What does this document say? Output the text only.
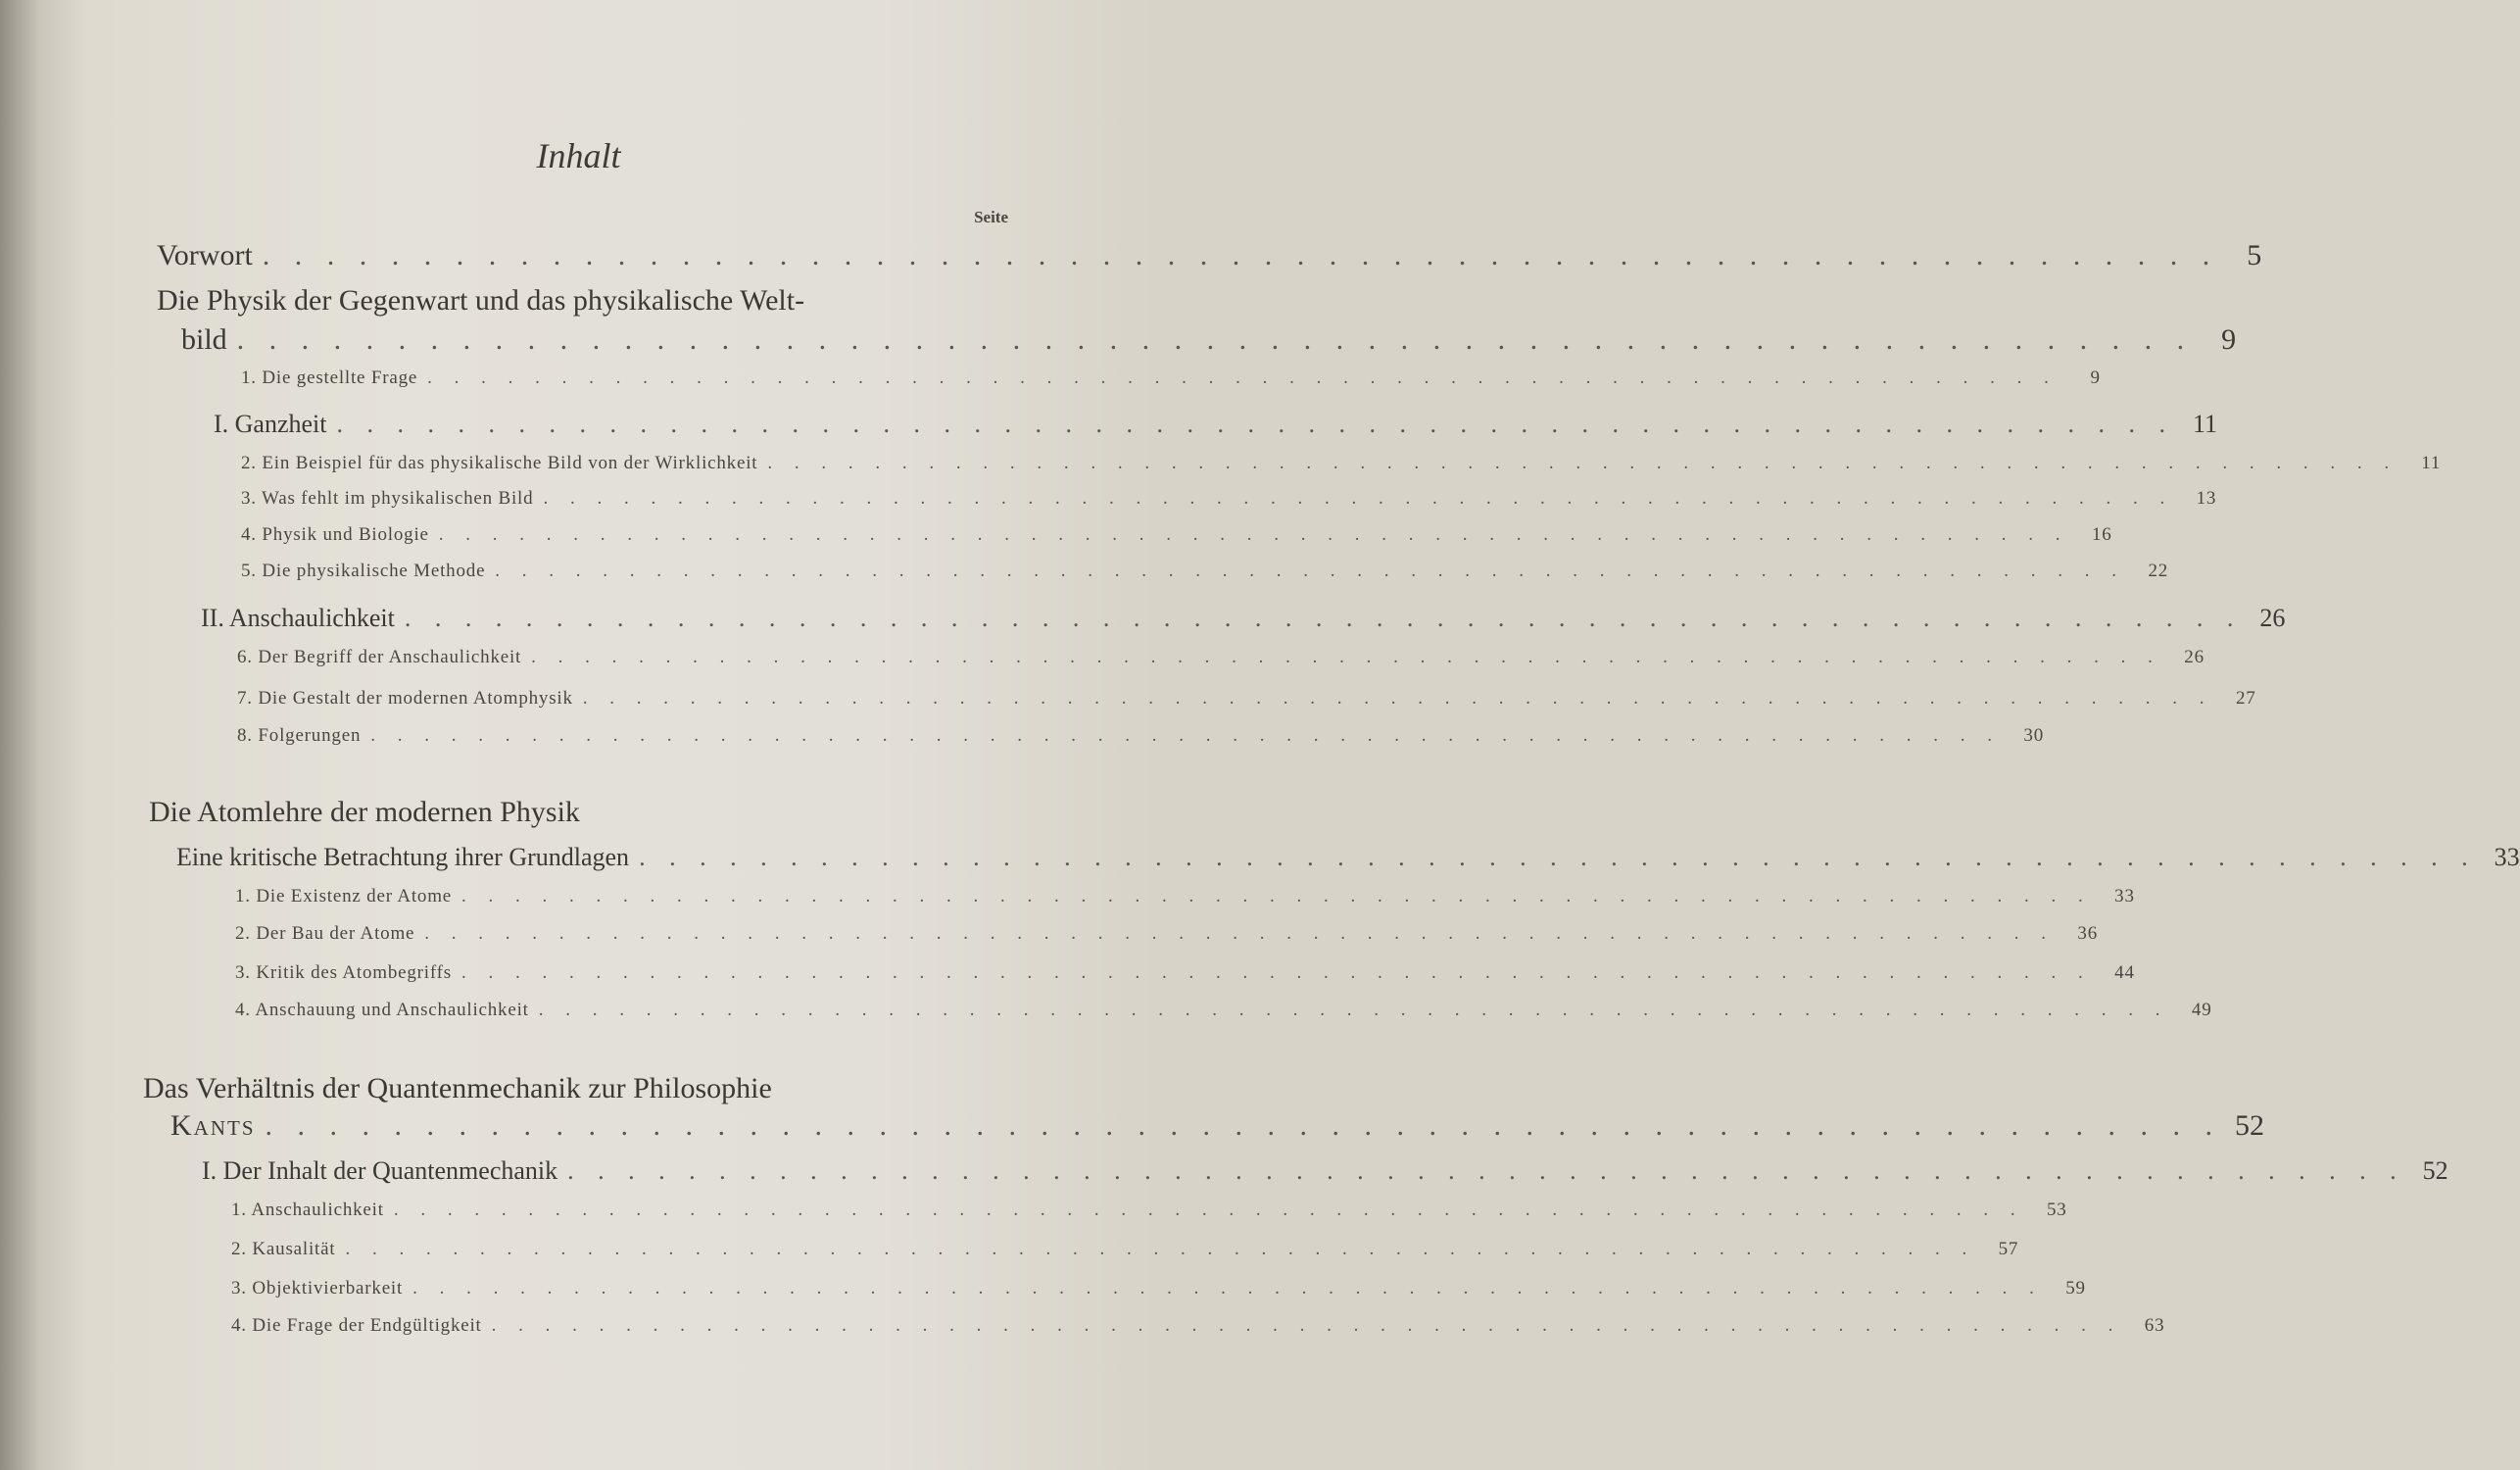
Inhalt
Seite
Vorwort . . . . . . . . . . . . . . . . . . . . . . . . . . . . . . . . . . . . . . . . . . . . . . . . . . . . . . . . . . . . . 5
Die Physik der Gegenwart und das physikalische Welt-
bild . . . . . . . . . . . . . . . . . . . . . . . . . . . . . . . . . . . . . . . . . . . . . . . . . . . . . . . . . . . . . 9
1. Die gestellte Frage . . . . . . . . . . . . . . . . . . . . . . . . . . . . . . . . . . . . . . . . . . . . . . . . . . . . . . . . . . . . .	9
I. Ganzheit . . . . . . . . . . . . . . . . . . . . . . . . . . . . . . . . . . . . . . . . . . . . . . . . . . . . . . . . . . . . . 11
2. Ein Beispiel für das physikalische Bild von der Wirklichkeit . . . . . . . . . . . . . . . . . . . . . . . . . . . . . . . . . . . . . . . . . . . . . . . . . . . . . . . . . . . . .	11
3. Was fehlt im physikalischen Bild . . . . . . . . . . . . . . . . . . . . . . . . . . . . . . . . . . . . . . . . . . . . . . . . . . . . . . . . . . . . .	13
4. Physik und Biologie . . . . . . . . . . . . . . . . . . . . . . . . . . . . . . . . . . . . . . . . . . . . . . . . . . . . . . . . . . . . .	16
5. Die physikalische Methode . . . . . . . . . . . . . . . . . . . . . . . . . . . . . . . . . . . . . . . . . . . . . . . . . . . . . . . . . . . . .	22
II. Anschaulichkeit . . . . . . . . . . . . . . . . . . . . . . . . . . . . . . . . . . . . . . . . . . . . . . . . . . . . . . . . . . . . . 26
6. Der Begriff der Anschaulichkeit . . . . . . . . . . . . . . . . . . . . . . . . . . . . . . . . . . . . . . . . . . . . . . . . . . . . . . . . . . . . .	26
7. Die Gestalt der modernen Atomphysik . . . . . . . . . . . . . . . . . . . . . . . . . . . . . . . . . . . . . . . . . . . . . . . . . . . . . . . . . . . . .	27
8. Folgerungen . . . . . . . . . . . . . . . . . . . . . . . . . . . . . . . . . . . . . . . . . . . . . . . . . . . . . . . . . . . . .	30
Die Atomlehre der modernen Physik
Eine kritische Betrachtung ihrer Grundlagen . . . . . . . . . . . . . . . . . . . . . . . . . . . . . . . . . . . . . . . . . . . . . . . . . . . . . . . . . . . . . 33
1. Die Existenz der Atome . . . . . . . . . . . . . . . . . . . . . . . . . . . . . . . . . . . . . . . . . . . . . . . . . . . . . . . . . . . . .	33
2. Der Bau der Atome . . . . . . . . . . . . . . . . . . . . . . . . . . . . . . . . . . . . . . . . . . . . . . . . . . . . . . . . . . . . .	36
3. Kritik des Atombegriffs . . . . . . . . . . . . . . . . . . . . . . . . . . . . . . . . . . . . . . . . . . . . . . . . . . . . . . . . . . . . .	44
4. Anschauung und Anschaulichkeit . . . . . . . . . . . . . . . . . . . . . . . . . . . . . . . . . . . . . . . . . . . . . . . . . . . . . . . . . . . . .	49
Das Verhältnis der Quantenmechanik zur Philosophie
Kants . . . . . . . . . . . . . . . . . . . . . . . . . . . . . . . . . . . . . . . . . . . . . . . . . . . . . . . . . . . . . 52
I. Der Inhalt der Quantenmechanik . . . . . . . . . . . . . . . . . . . . . . . . . . . . . . . . . . . . . . . . . . . . . . . . . . . . . . . . . . . . . 52
1. Anschaulichkeit . . . . . . . . . . . . . . . . . . . . . . . . . . . . . . . . . . . . . . . . . . . . . . . . . . . . . . . . . . . . .	53
2. Kausalität . . . . . . . . . . . . . . . . . . . . . . . . . . . . . . . . . . . . . . . . . . . . . . . . . . . . . . . . . . . . .	57
3. Objektivierbarkeit . . . . . . . . . . . . . . . . . . . . . . . . . . . . . . . . . . . . . . . . . . . . . . . . . . . . . . . . . . . . .	59
4. Die Frage der Endgültigkeit . . . . . . . . . . . . . . . . . . . . . . . . . . . . . . . . . . . . . . . . . . . . . . . . . . . . . . . . . . . . .	63
